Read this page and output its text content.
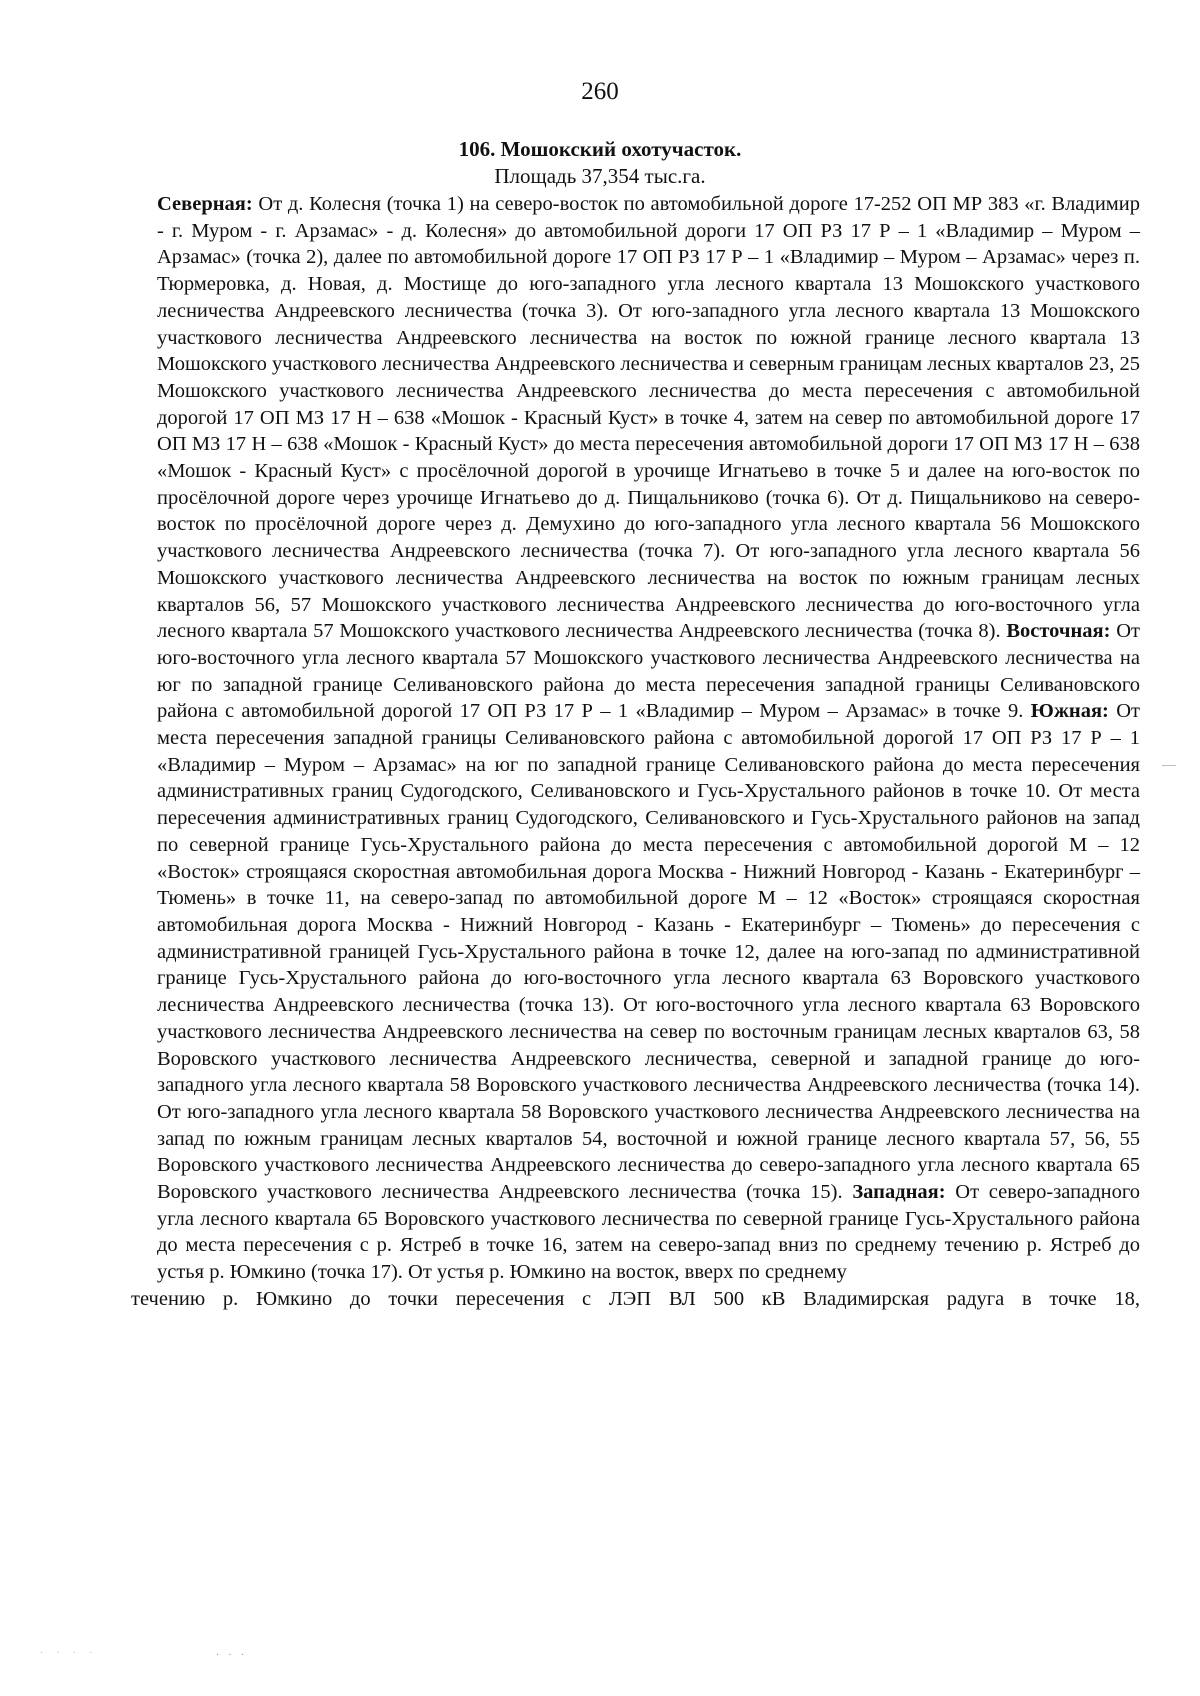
260
106. Мошокский охотучасток.
Площадь 37,354 тыс.га.
Северная: От д. Колесня (точка 1) на северо-восток по автомобильной дороге 17-252 ОП МР 383 «г. Владимир - г. Муром - г. Арзамас» - д. Колесня» до автомобильной дороги 17 ОП РЗ 17 Р – 1 «Владимир – Муром – Арзамас» (точка 2), далее по автомобильной дороге 17 ОП РЗ 17 Р – 1 «Владимир – Муром – Арзамас» через п. Тюрмеровка, д. Новая, д. Мостище до юго-западного угла лесного квартала 13 Мошокского участкового лесничества Андреевского лесничества (точка 3). От юго-западного угла лесного квартала 13 Мошокского участкового лесничества Андреевского лесничества на восток по южной границе лесного квартала 13 Мошокского участкового лесничества Андреевского лесничества и северным границам лесных кварталов 23, 25 Мошокского участкового лесничества Андреевского лесничества до места пересечения с автомобильной дорогой 17 ОП МЗ 17 Н – 638 «Мошок - Красный Куст» в точке 4, затем на север по автомобильной дороге 17 ОП МЗ 17 Н – 638 «Мошок - Красный Куст» до места пересечения автомобильной дороги 17 ОП МЗ 17 Н – 638 «Мошок - Красный Куст» с просёлочной дорогой в урочище Игнатьево в точке 5 и далее на юго-восток по просёлочной дороге через урочище Игнатьево до д. Пищальниково (точка 6). От д. Пищальниково на северо-восток по просёлочной дороге через д. Демухино до юго-западного угла лесного квартала 56 Мошокского участкового лесничества Андреевского лесничества (точка 7). От юго-западного угла лесного квартала 56 Мошокского участкового лесничества Андреевского лесничества на восток по южным границам лесных кварталов 56, 57 Мошокского участкового лесничества Андреевского лесничества до юго-восточного угла лесного квартала 57 Мошокского участкового лесничества Андреевского лесничества (точка 8). Восточная: От юго-восточного угла лесного квартала 57 Мошокского участкового лесничества Андреевского лесничества на юг по западной границе Селивановского района до места пересечения западной границы Селивановского района с автомобильной дорогой 17 ОП РЗ 17 Р – 1 «Владимир – Муром – Арзамас» в точке 9. Южная: От места пересечения западной границы Селивановского района с автомобильной дорогой 17 ОП РЗ 17 Р – 1 «Владимир – Муром – Арзамас» на юг по западной границе Селивановского района до места пересечения административных границ Судогодского, Селивановского и Гусь-Хрустального районов в точке 10. От места пересечения административных границ Судогодского, Селивановского и Гусь-Хрустального районов на запад по северной границе Гусь-Хрустального района до места пересечения с автомобильной дорогой М – 12 «Восток» строящаяся скоростная автомобильная дорога Москва - Нижний Новгород - Казань - Екатеринбург – Тюмень» в точке 11, на северо-запад по автомобильной дороге М – 12 «Восток» строящаяся скоростная автомобильная дорога Москва - Нижний Новгород - Казань - Екатеринбург – Тюмень» до пересечения с административной границей Гусь-Хрустального района в точке 12, далее на юго-запад по административной границе Гусь-Хрустального района до юго-восточного угла лесного квартала 63 Воровского участкового лесничества Андреевского лесничества (точка 13). От юго-восточного угла лесного квартала 63 Воровского участкового лесничества Андреевского лесничества на север по восточным границам лесных кварталов 63, 58 Воровского участкового лесничества Андреевского лесничества, северной и западной границе до юго-западного угла лесного квартала 58 Воровского участкового лесничества Андреевского лесничества (точка 14). От юго-западного угла лесного квартала 58 Воровского участкового лесничества Андреевского лесничества на запад по южным границам лесных кварталов 54, восточной и южной границе лесного квартала 57, 56, 55 Воровского участкового лесничества Андреевского лесничества до северо-западного угла лесного квартала 65 Воровского участкового лесничества Андреевского лесничества (точка 15). Западная: От северо-западного угла лесного квартала 65 Воровского участкового лесничества по северной границе Гусь-Хрустального района до места пересечения с р. Ястреб в точке 16, затем на северо-запад вниз по среднему течению р. Ястреб до устья р. Юмкино (точка 17). От устья р. Юмкино на восток, вверх по среднему
течению р. Юмкино до точки пересечения с ЛЭП ВЛ 500 кВ Владимирская радуга в точке 18,
· · · ·	· · ·
